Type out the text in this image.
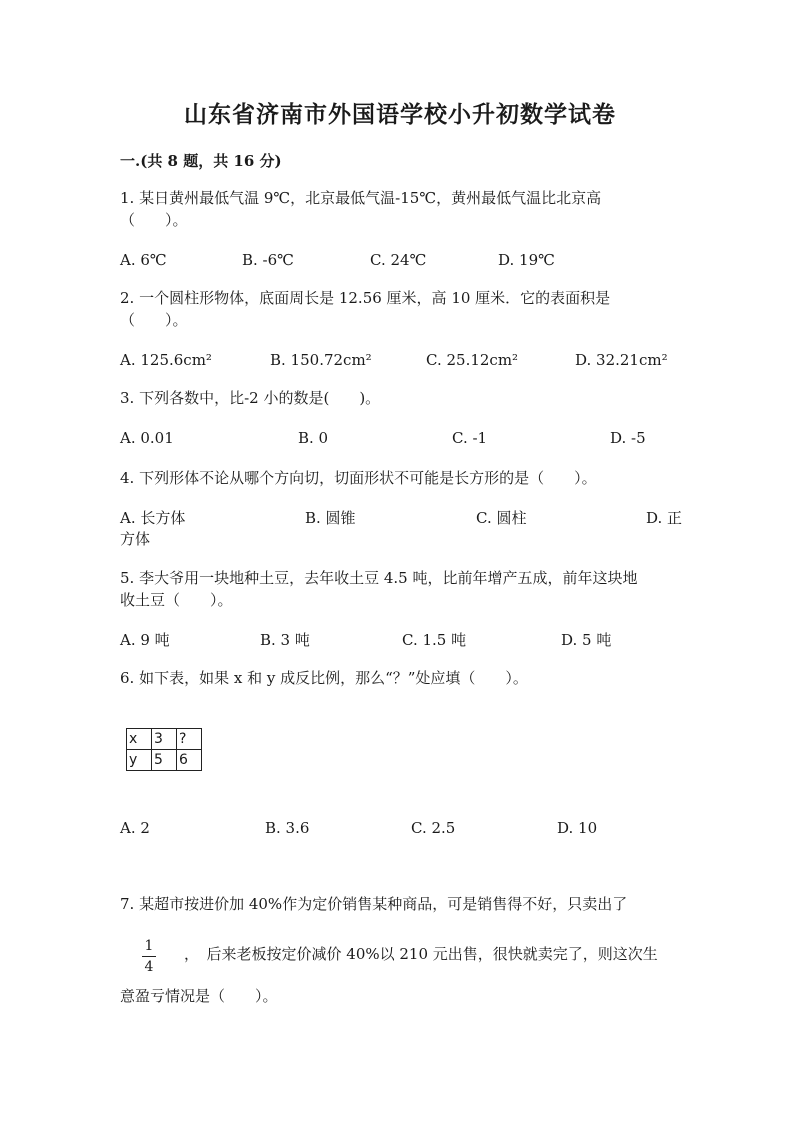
山东省济南市外国语学校小升初数学试卷
一.(共 8 题，共 16 分)
1. 某日黄州最低气温 9℃，北京最低气温-15℃，黄州最低气温比北京高
（　　）。
A. 6℃	B. -6℃	C. 24℃	D. 19℃
2. 一个圆柱形物体，底面周长是 12.56 厘米，高 10 厘米．它的表面积是
（　　）。
A. 125.6cm²	B. 150.72cm²	C. 25.12cm²	D. 32.21cm²
3. 下列各数中，比-2 小的数是(　　)。
A. 0.01	B. 0	C. -1	D. -5
4. 下列形体不论从哪个方向切，切面形状不可能是长方形的是（　　）。
A. 长方体	B. 圆锥	C. 圆柱	D. 正
方体
5. 李大爷用一块地种土豆，去年收土豆 4.5 吨，比前年增产五成，前年这块地
收土豆（　　）。
A. 9 吨	B. 3 吨	C. 1.5 吨	D. 5 吨
6. 如下表，如果 x 和 y 成反比例，那么“？”处应填（　　）。
x	3	?
y	5	6
A. 2	B. 3.6	C. 2.5	D. 10
7. 某超市按进价加 40%作为定价销售某种商品，可是销售得不好，只卖出了
1
4
，　后来老板按定价减价 40%以 210 元出售，很快就卖完了，则这次生
意盈亏情况是（　　）。
